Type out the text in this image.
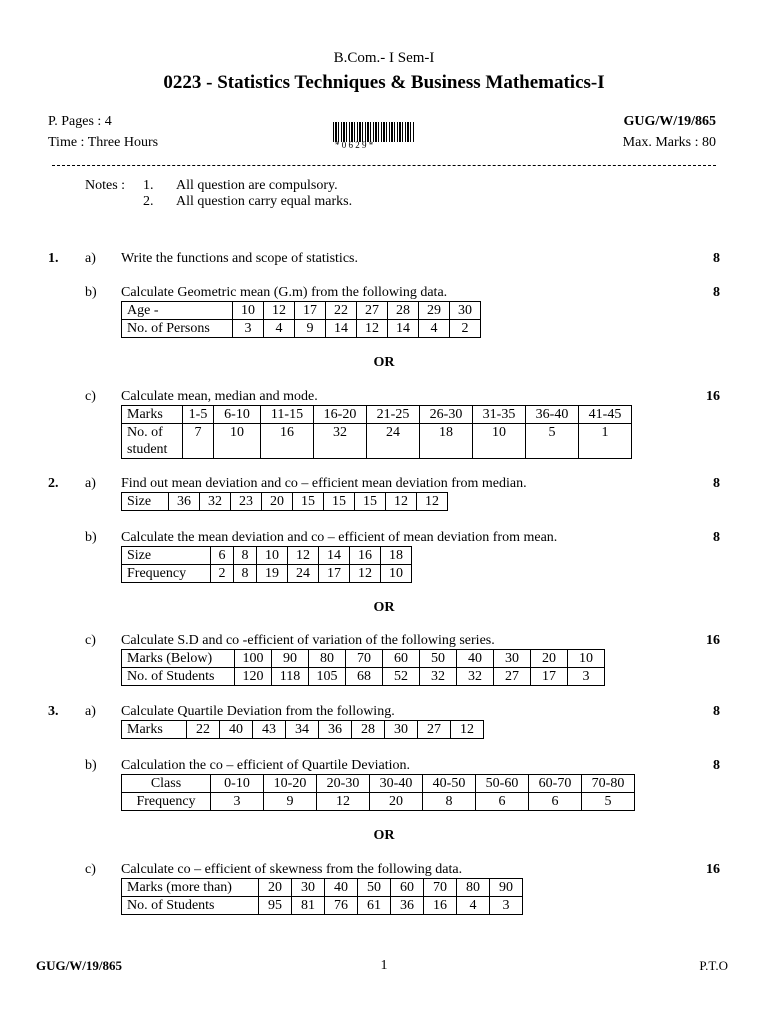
B.Com.- I Sem-I
0223 - Statistics Techniques & Business Mathematics-I
P. Pages : 4
Time : Three Hours
GUG/W/19/865
Max. Marks : 80
* 0 6 2 9 *
Notes : 1. All question are compulsory.
2. All question carry equal marks.
1. a) Write the functions and scope of statistics.	8
b) Calculate Geometric mean (G.m) from the following data.	8
Age -	10	12	17	22	27	28	29	30
No. of Persons	3	4	9	14	12	14	4	2
OR
c) Calculate mean, median and mode.	16
Marks	1-5	6-10	11-15	16-20	21-25	26-30	31-35	36-40	41-45
No. of student	7	10	16	32	24	18	10	5	1
2. a) Find out mean deviation and co – efficient mean deviation from median.	8
Size	36	32	23	20	15	15	15	12	12
b) Calculate the mean deviation and co – efficient of mean deviation from mean.	8
Size	6	8	10	12	14	16	18
Frequency	2	8	19	24	17	12	10
OR
c) Calculate S.D and co -efficient of variation of the following series.	16
Marks (Below)	100	90	80	70	60	50	40	30	20	10
No. of Students	120	118	105	68	52	32	32	27	17	3
3. a) Calculate Quartile Deviation from the following.	8
Marks	22	40	43	34	36	28	30	27	12
b) Calculation the co – efficient of Quartile Deviation.	8
Class	0-10	10-20	20-30	30-40	40-50	50-60	60-70	70-80
Frequency	3	9	12	20	8	6	6	5
OR
c) Calculate co – efficient of skewness from the following data.	16
Marks (more than)	20	30	40	50	60	70	80	90
No. of Students	95	81	76	61	36	16	4	3
GUG/W/19/865	1	P.T.O
